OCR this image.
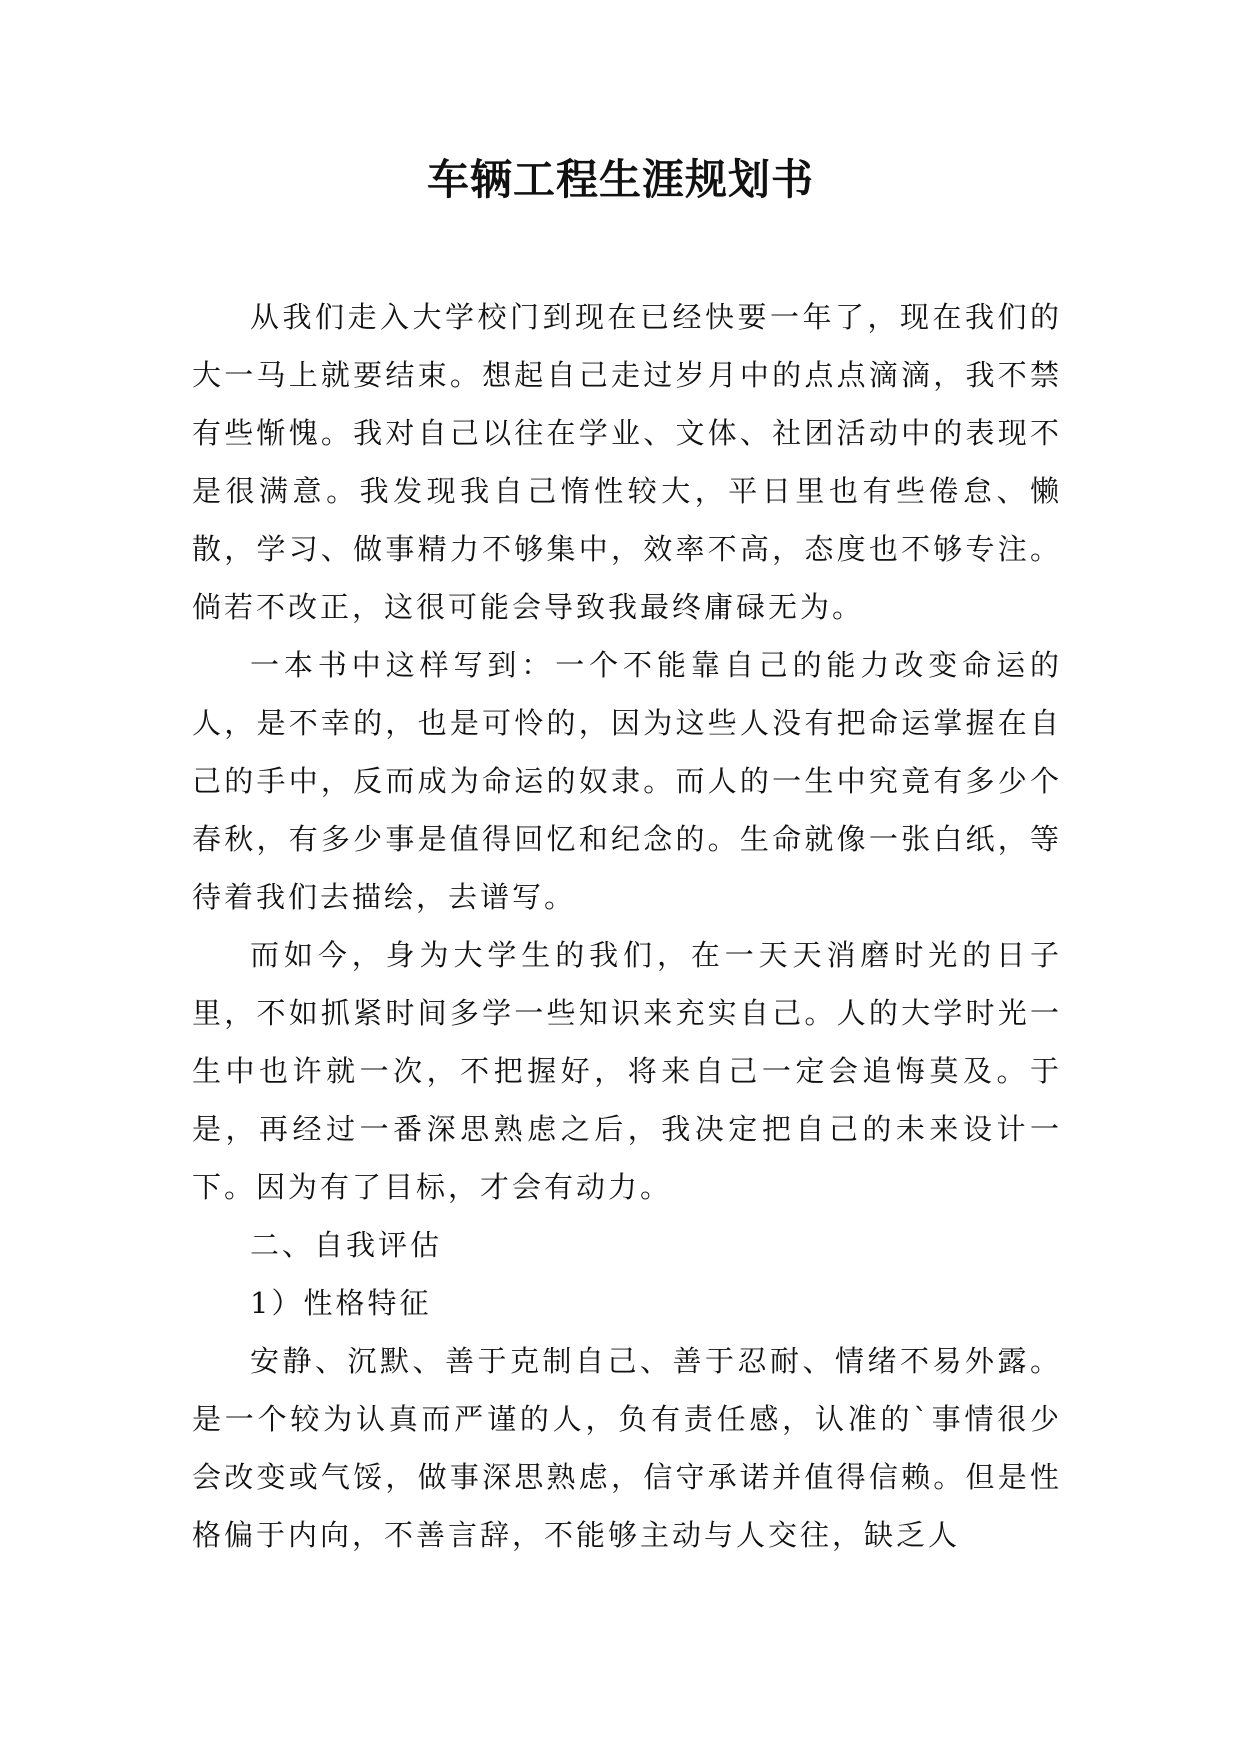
车辆工程生涯规划书

从我们走入大学校门到现在已经快要一年了，现在我们的大一马上就要结束。想起自己走过岁月中的点点滴滴，我不禁有些惭愧。我对自己以往在学业、文体、社团活动中的表现不是很满意。我发现我自己惰性较大，平日里也有些倦怠、懒散，学习、做事精力不够集中，效率不高，态度也不够专注。倘若不改正，这很可能会导致我最终庸碌无为。

一本书中这样写到：一个不能靠自己的能力改变命运的人，是不幸的，也是可怜的，因为这些人没有把命运掌握在自己的手中，反而成为命运的奴隶。而人的一生中究竟有多少个春秋，有多少事是值得回忆和纪念的。生命就像一张白纸，等待着我们去描绘，去谱写。

而如今，身为大学生的我们，在一天天消磨时光的日子里，不如抓紧时间多学一些知识来充实自己。人的大学时光一生中也许就一次，不把握好，将来自己一定会追悔莫及。于是，再经过一番深思熟虑之后，我决定把自己的未来设计一下。因为有了目标，才会有动力。

二、自我评估

1）性格特征

安静、沉默、善于克制自己、善于忍耐、情绪不易外露。是一个较为认真而严谨的人，负有责任感，认准的`事情很少会改变或气馁，做事深思熟虑，信守承诺并值得信赖。但是性格偏于内向，不善言辞，不能够主动与人交往，缺乏人
